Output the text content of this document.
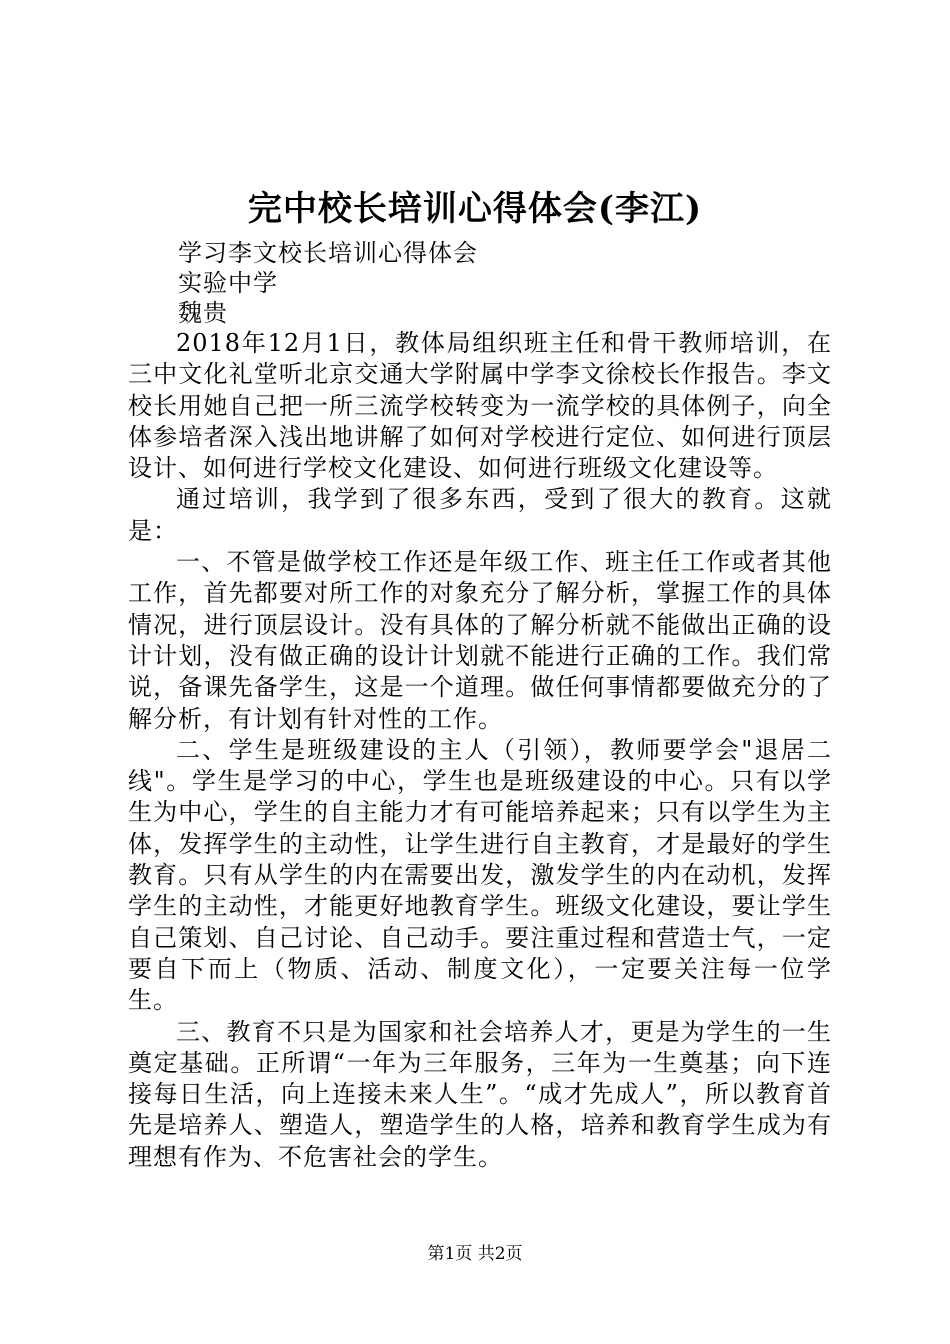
完中校长培训心得体会(李江)
学习李文校长培训心得体会
实验中学
魏贵

2018年12月1日，教体局组织班主任和骨干教师培训，在三中文化礼堂听北京交通大学附属中学李文徐校长作报告。李文校长用她自己把一所三流学校转变为一流学校的具体例子，向全体参培者深入浅出地讲解了如何对学校进行定位、如何进行顶层设计、如何进行学校文化建设、如何进行班级文化建设等。

通过培训，我学到了很多东西，受到了很大的教育。这就是：

一、不管是做学校工作还是年级工作、班主任工作或者其他工作，首先都要对所工作的对象充分了解分析，掌握工作的具体情况，进行顶层设计。没有具体的了解分析就不能做出正确的设计计划，没有做正确的设计计划就不能进行正确的工作。我们常说，备课先备学生，这是一个道理。做任何事情都要做充分的了解分析，有计划有针对性的工作。

二、学生是班级建设的主人（引领），教师要学会"退居二线"。学生是学习的中心，学生也是班级建设的中心。只有以学生为中心，学生的自主能力才有可能培养起来；只有以学生为主体，发挥学生的主动性，让学生进行自主教育，才是最好的学生教育。只有从学生的内在需要出发，激发学生的内在动机，发挥学生的主动性，才能更好地教育学生。班级文化建设，要让学生自己策划、自己讨论、自己动手。要注重过程和营造士气，一定要自下而上（物质、活动、制度文化），一定要关注每一位学生。

三、教育不只是为国家和社会培养人才，更是为学生的一生奠定基础。正所谓“一年为三年服务，三年为一生奠基；向下连接每日生活，向上连接未来人生”。“成才先成人”，所以教育首先是培养人、塑造人，塑造学生的人格，培养和教育学生成为有理想有作为、不危害社会的学生。

第1页 共2页
